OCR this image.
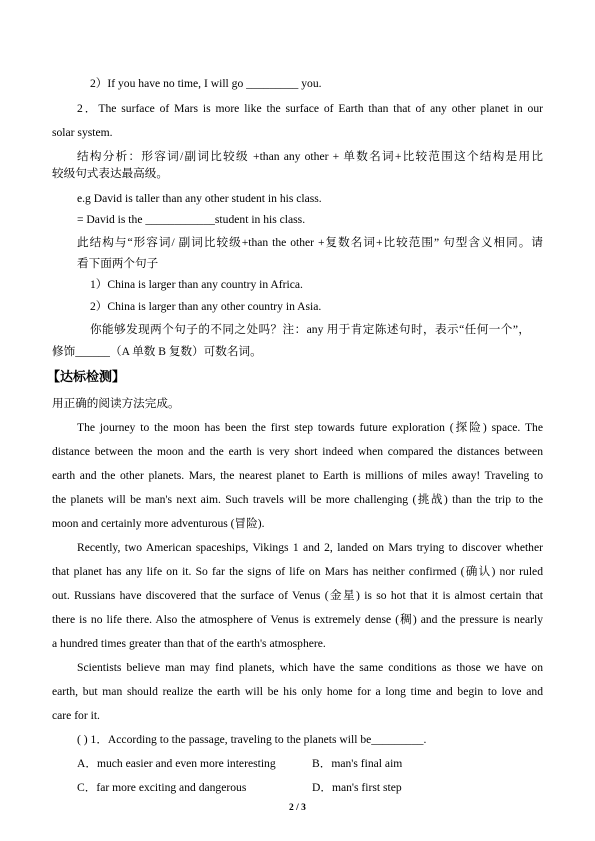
2）If you have no time, I will go _________ you.
2．The surface of Mars is more like the surface of Earth than that of any other planet in our
solar system.
结构分析：形容词/副词比较级 +than any other + 单数名词+比较范围这个结构是用比
较级句式表达最高级。
e.g David is taller than any other student in his class.
= David is the ____________student in his class.
此结构与“形容词/ 副词比较级+than the other +复数名词+比较范围” 句型含义相同。请
看下面两个句子
1）China is larger than any country in Africa.
2）China is larger than any other country in Asia.
你能够发现两个句子的不同之处吗？注：any 用于肯定陈述句时，表示“任何一个”，
修饰______（A 单数 B 复数）可数名词。
【达标检测】
用正确的阅读方法完成。
The journey to the moon has been the first step towards future exploration (探险) space. The
distance between the moon and the earth is very short indeed when compared the distances between
earth and the other planets. Mars, the nearest planet to Earth is millions of miles away! Traveling to
the planets will be man's next aim. Such travels will be more challenging (挑战) than the trip to the
moon and certainly more adventurous (冒险).
Recently, two American spaceships, Vikings 1 and 2, landed on Mars trying to discover whether
that planet has any life on it. So far the signs of life on Mars has neither confirmed (确认) nor ruled
out. Russians have discovered that the surface of Venus (金星) is so hot that it is almost certain that
there is no life there. Also the atmosphere of Venus is extremely dense (稠) and the pressure is nearly
a hundred times greater than that of the earth's atmosphere.
Scientists believe man may find planets, which have the same conditions as those we have on
earth, but man should realize the earth will be his only home for a long time and begin to love and
care for it.
( ) 1．According to the passage, traveling to the planets will be_________.
A．much easier and even more interesting	B．man's final aim
C．far more exciting and dangerous	D．man's first step
2 / 3
